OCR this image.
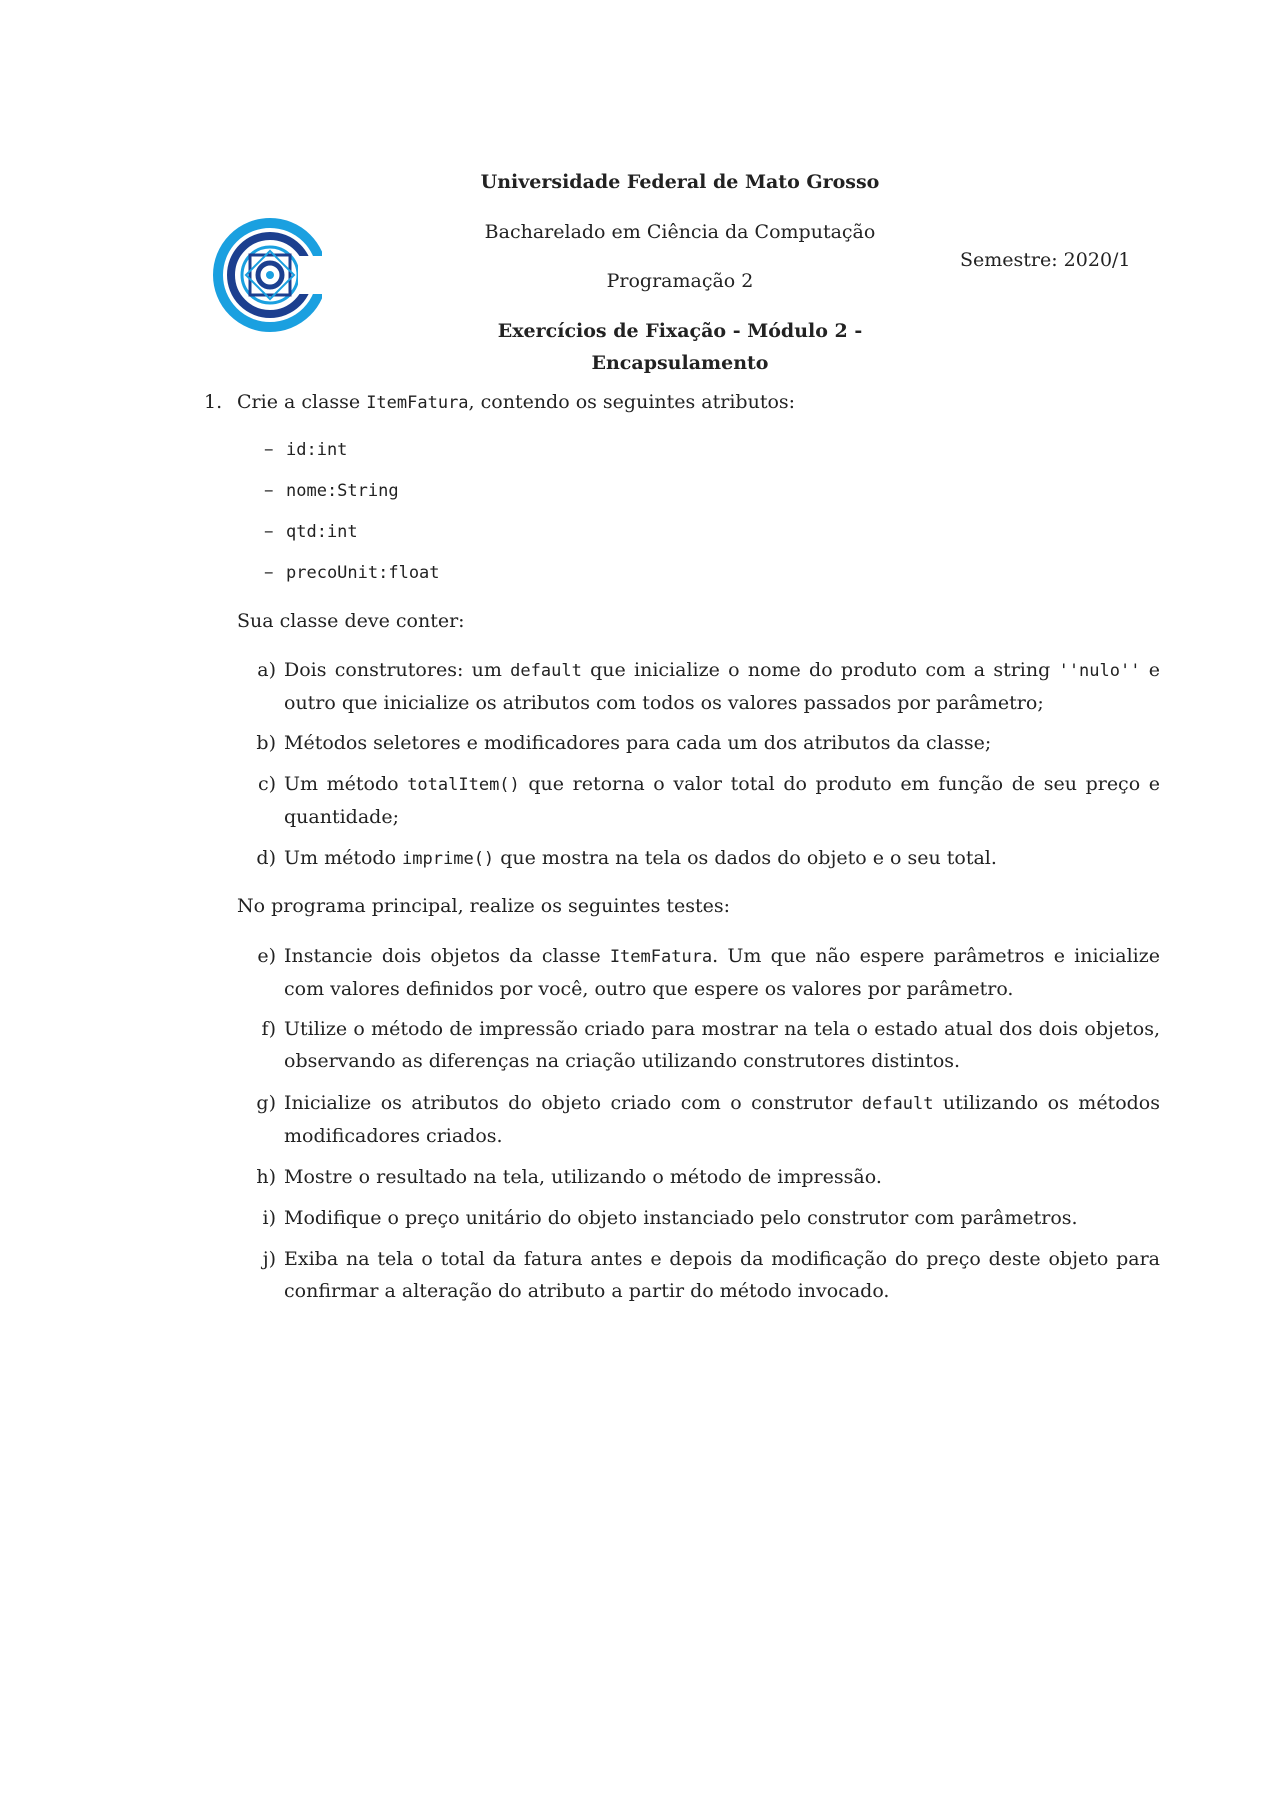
Universidade Federal de Mato Grosso
Bacharelado em Ciência da Computação
Semestre: 2020/1
Programação 2
Exercícios de Fixação - Módulo 2 -
Encapsulamento
1. Crie a classe ItemFatura, contendo os seguintes atributos:
– id:int
– nome:String
– qtd:int
– precoUnit:float
Sua classe deve conter:
a) Dois construtores: um default que inicialize o nome do produto com a string ''nulo'' e outro que inicialize os atributos com todos os valores passados por parâmetro;
b) Métodos seletores e modificadores para cada um dos atributos da classe;
c) Um método totalItem() que retorna o valor total do produto em função de seu preço e quantidade;
d) Um método imprime() que mostra na tela os dados do objeto e o seu total.
No programa principal, realize os seguintes testes:
e) Instancie dois objetos da classe ItemFatura. Um que não espere parâmetros e inicialize com valores definidos por você, outro que espere os valores por parâmetro.
f) Utilize o método de impressão criado para mostrar na tela o estado atual dos dois objetos, observando as diferenças na criação utilizando construtores distintos.
g) Inicialize os atributos do objeto criado com o construtor default utilizando os métodos modificadores criados.
h) Mostre o resultado na tela, utilizando o método de impressão.
i) Modifique o preço unitário do objeto instanciado pelo construtor com parâmetros.
j) Exiba na tela o total da fatura antes e depois da modificação do preço deste objeto para confirmar a alteração do atributo a partir do método invocado.
